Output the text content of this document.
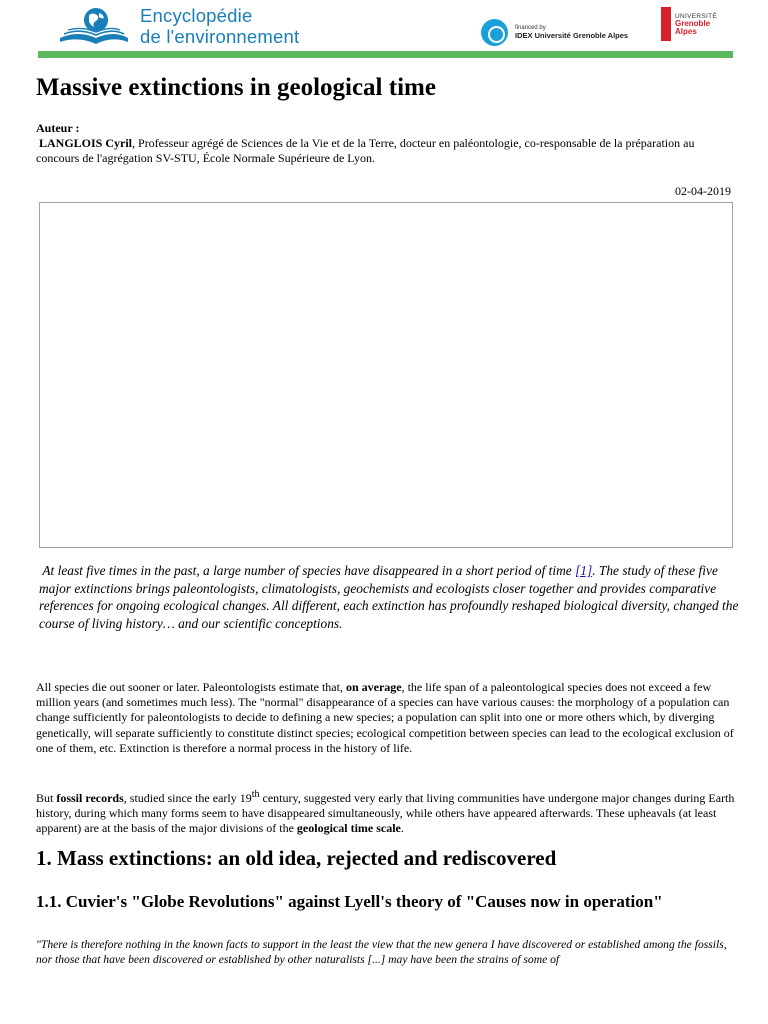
Encyclopédie
de l'environnement	financed by
IDEX Université Grenoble Alpes
UNIVERSITÉ
Grenoble
Alpes
Massive extinctions in geological time
Auteur :
LANGLOIS Cyril, Professeur agrégé de Sciences de la Vie et de la Terre, docteur en paléontologie, co-responsable de la préparation au concours de l'agrégation SV-STU, École Normale Supérieure de Lyon.
02-04-2019
At least five times in the past, a large number of species have disappeared in a short period of time [1]. The study of these five major extinctions brings paleontologists, climatologists, geochemists and ecologists closer together and provides comparative references for ongoing ecological changes. All different, each extinction has profoundly reshaped biological diversity, changed the course of living history… and our scientific conceptions.

All species die out sooner or later. Paleontologists estimate that, on average, the life span of a paleontological species does not exceed a few million years (and sometimes much less). The "normal" disappearance of a species can have various causes: the morphology of a population can change sufficiently for paleontologists to decide to defining a new species; a population can split into one or more others which, by diverging genetically, will separate sufficiently to constitute distinct species; ecological competition between species can lead to the ecological exclusion of one of them, etc. Extinction is therefore a normal process in the history of life.

But fossil records, studied since the early 19th century, suggested very early that living communities have undergone major changes during Earth history, during which many forms seem to have disappeared simultaneously, while others have appeared afterwards. These upheavals (at least apparent) are at the basis of the major divisions of the geological time scale.

1. Mass extinctions: an old idea, rejected and rediscovered
1.1. Cuvier's "Globe Revolutions" against Lyell's theory of "Causes now in operation"

"There is therefore nothing in the known facts to support in the least the view that the new genera I have discovered or established among the fossils, nor those that have been discovered or established by other naturalists [...] may have been the strains of some of
